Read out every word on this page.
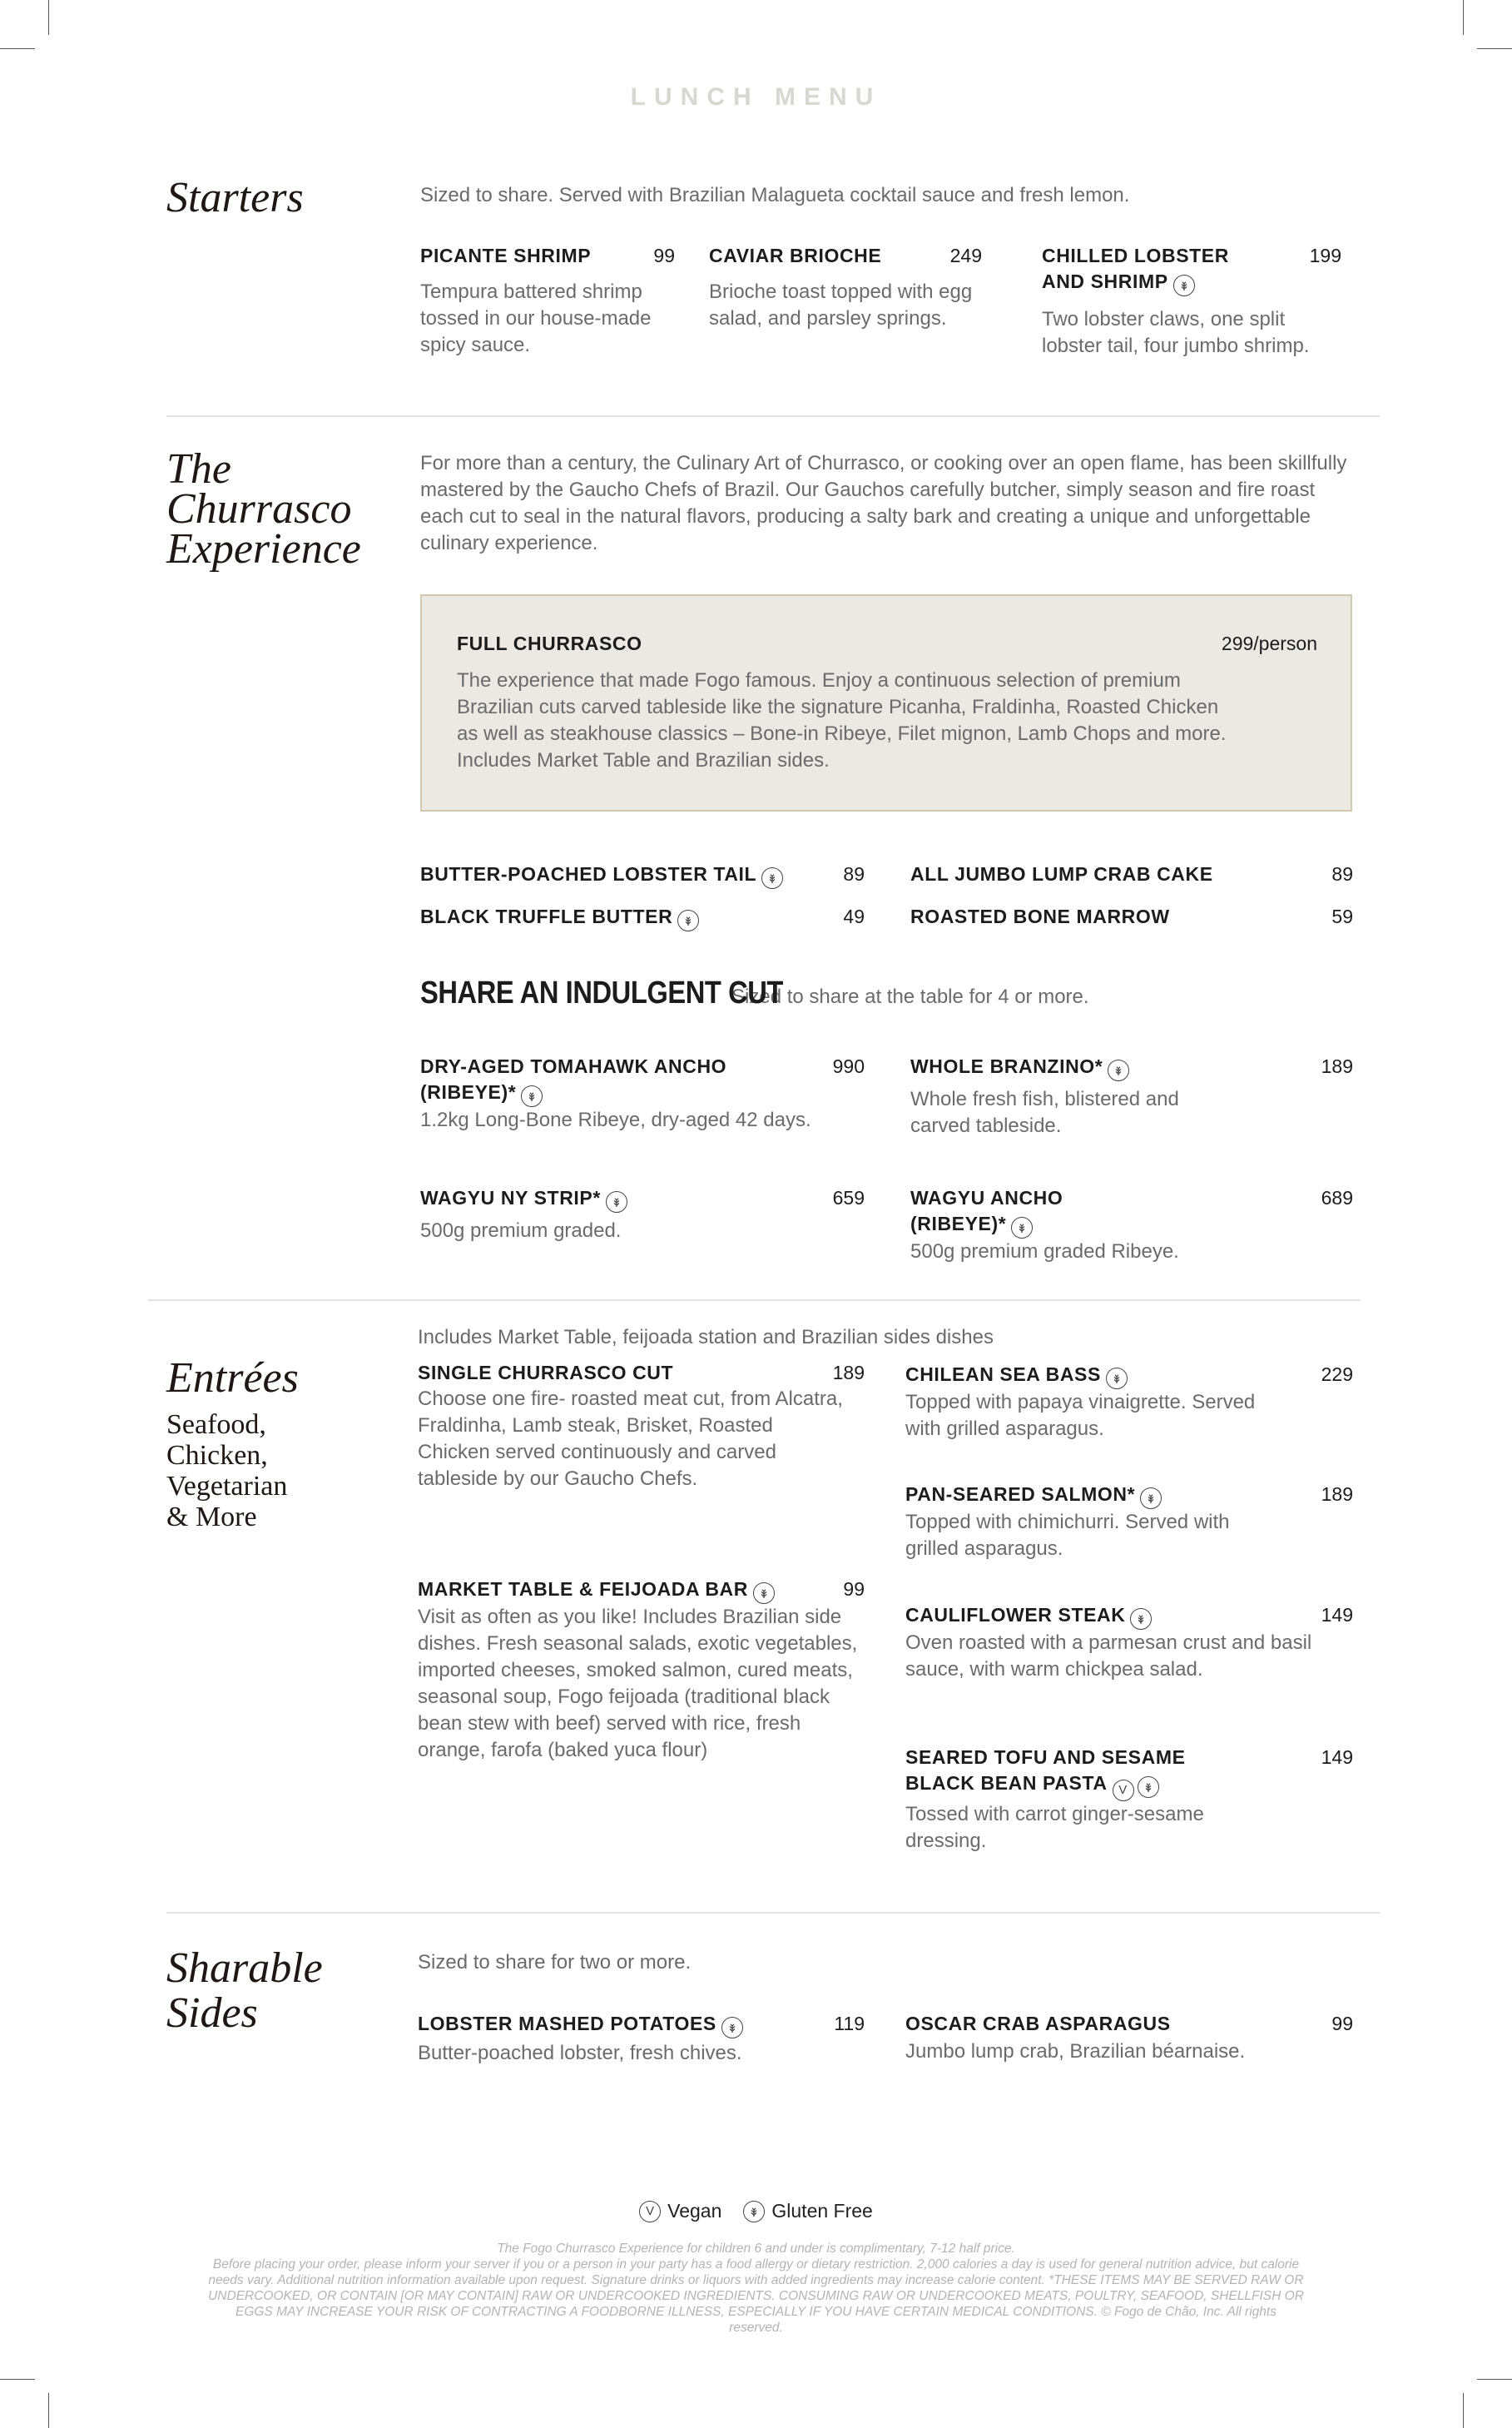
LUNCH MENU
Starters	Sized to share. Served with Brazilian Malagueta cocktail sauce and fresh lemon.
PICANTE SHRIMP	99
Tempura battered shrimp tossed in our house-made spicy sauce.
CAVIAR BRIOCHE	249
Brioche toast topped with egg salad, and parsley springs.
CHILLED LOBSTER AND SHRIMP
199
Two lobster claws, one split lobster tail, four jumbo shrimp.
The
Churrasco
Experience
For more than a century, the Culinary Art of Churrasco, or cooking over an open flame, has been skillfully mastered by the Gaucho Chefs of Brazil. Our Gauchos carefully butcher, simply season and fire roast each cut to seal in the natural flavors, producing a salty bark and creating a unique and unforgettable culinary experience.
FULL CHURRASCO	299/person
The experience that made Fogo famous. Enjoy a continuous selection of premium Brazilian cuts carved tableside like the signature Picanha, Fraldinha, Roasted Chicken as well as steakhouse classics – Bone-in Ribeye, Filet mignon, Lamb Chops and more. Includes Market Table and Brazilian sides.
BUTTER-POACHED LOBSTER TAIL	89 ALL JUMBO LUMP CRAB CAKE	89
BLACK TRUFFLE BUTTER	49 ROASTED BONE MARROW	59
SHARE AN INDULGENT CUT
Sized to share at the table for 4 or more.
DRY-AGED TOMAHAWK ANCHO (RIBEYE)*
990
1.2kg Long-Bone Ribeye, dry-aged 42 days.
WHOLE BRANZINO*	189
Whole fresh fish, blistered and carved tableside.
WAGYU NY STRIP*	659
500g premium graded.
WAGYU ANCHO (RIBEYE)*
689
500g premium graded Ribeye.
Entrées
Seafood,
Chicken,
Vegetarian
& More
Includes Market Table, feijoada station and Brazilian sides dishes
SINGLE CHURRASCO CUT	189
Choose one fire- roasted meat cut, from Alcatra, Fraldinha, Lamb steak, Brisket, Roasted Chicken served continuously and carved tableside by our Gaucho Chefs.
MARKET TABLE & FEIJOADA BAR	99
Visit as often as you like! Includes Brazilian side dishes. Fresh seasonal salads, exotic vegetables, imported cheeses, smoked salmon, cured meats, seasonal soup, Fogo feijoada (traditional black bean stew with beef) served with rice, fresh orange, farofa (baked yuca flour)
CHILEAN SEA BASS	229
Topped with papaya vinaigrette. Served with grilled asparagus.
PAN-SEARED SALMON*	189
Topped with chimichurri. Served with grilled asparagus.
CAULIFLOWER STEAK	149
Oven roasted with a parmesan crust and basil sauce, with warm chickpea salad.
SEARED TOFU AND SESAME BLACK BEAN PASTA V
149
Tossed with carrot ginger-sesame dressing.
Sharable
Sides
Sized to share for two or more.
LOBSTER MASHED POTATOES	119
Butter-poached lobster, fresh chives.
OSCAR CRAB ASPARAGUS	99
Jumbo lump crab, Brazilian béarnaise.
V Vegan	Gluten Free
The Fogo Churrasco Experience for children 6 and under is complimentary, 7-12 half price.
Before placing your order, please inform your server if you or a person in your party has a food allergy or dietary restriction. 2,000 calories a day is used for general nutrition advice, but calorie needs vary. Additional nutrition information available upon request. Signature drinks or liquors with added ingredients may increase calorie content. *THESE ITEMS MAY BE SERVED RAW OR UNDERCOOKED, OR CONTAIN [OR MAY CONTAIN] RAW OR UNDERCOOKED INGREDIENTS. CONSUMING RAW OR UNDERCOOKED MEATS, POULTRY, SEAFOOD, SHELLFISH OR EGGS MAY INCREASE YOUR RISK OF CONTRACTING A FOODBORNE ILLNESS, ESPECIALLY IF YOU HAVE CERTAIN MEDICAL CONDITIONS. © Fogo de Chão, Inc. All rights reserved.
